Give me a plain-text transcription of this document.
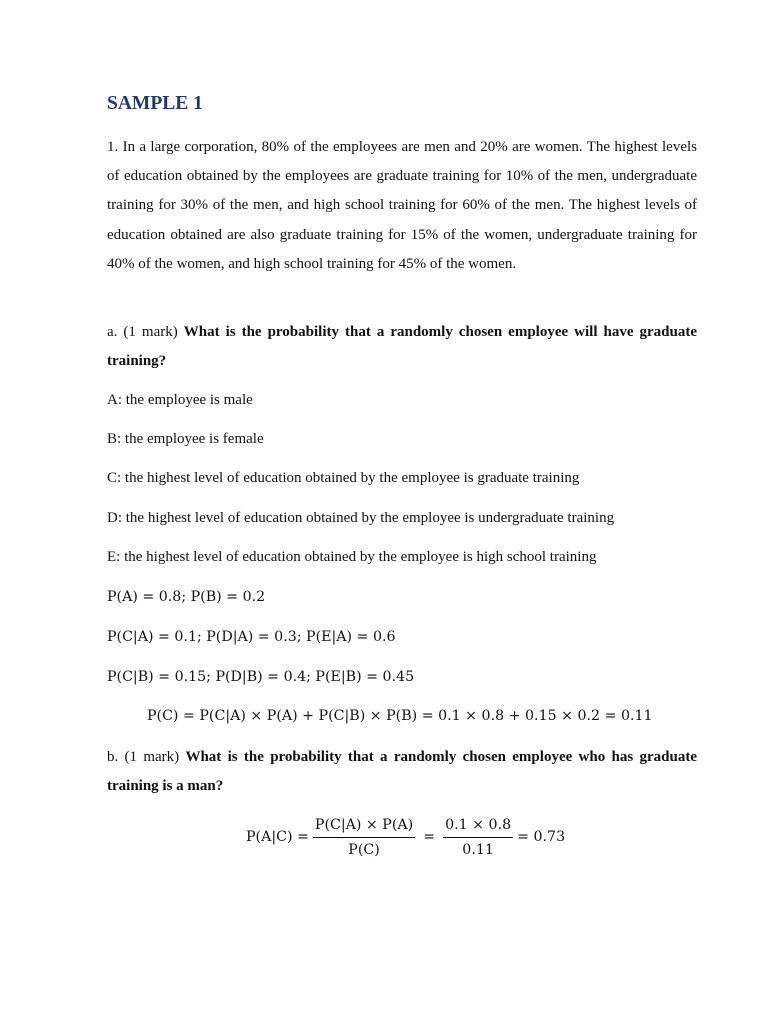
SAMPLE 1

1. In a large corporation, 80% of the employees are men and 20% are women. The highest levels of education obtained by the employees are graduate training for 10% of the men, undergraduate training for 30% of the men, and high school training for 60% of the men. The highest levels of education obtained are also graduate training for 15% of the women, undergraduate training for 40% of the women, and high school training for 45% of the women.

a. (1 mark) What is the probability that a randomly chosen employee will have graduate training?

A: the employee is male

B: the employee is female

C: the highest level of education obtained by the employee is graduate training

D: the highest level of education obtained by the employee is undergraduate training

E: the highest level of education obtained by the employee is high school training

P(A) = 0.8; P(B) = 0.2

P(C|A) = 0.1; P(D|A) = 0.3; P(E|A) = 0.6

P(C|B) = 0.15; P(D|B) = 0.4; P(E|B) = 0.45

P(C) = P(C|A) × P(A) + P(C|B) × P(B) = 0.1 × 0.8 + 0.15 × 0.2 = 0.11

b. (1 mark) What is the probability that a randomly chosen employee who has graduate training is a man?

$P(A|C) = \frac{P(C|A) \times P(A)}{P(C)} = \frac{0.1 \times 0.8}{0.11} = 0.73$
